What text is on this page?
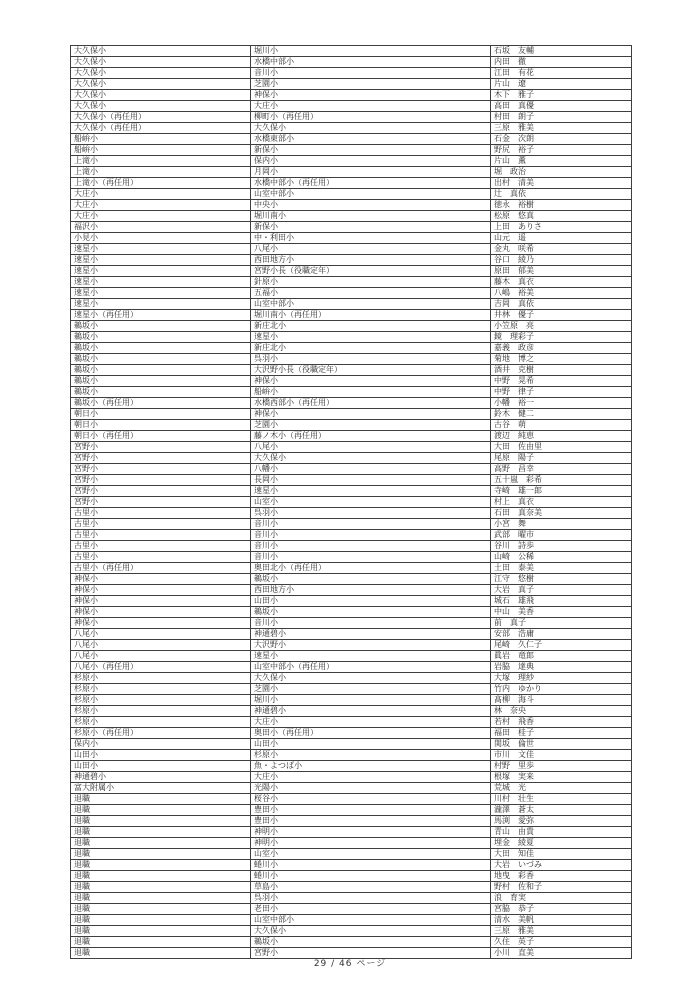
大久保小	堀川小	石坂　友輔
大久保小	水橋中部小	内田　徹
大久保小	音川小	江田　有花
大久保小	芝園小	片山　遼
大久保小	神保小	木下　雅子
大久保小	大庄小	高田　真優
大久保小（再任用）	柳町小（再任用）	村田　朗子
大久保小（再任用）	大久保小	三原　雅美
船峅小	水橋東部小	石金　次朗
船峅小	新保小	野尻　裕子
上滝小	保内小	片山　薫
上滝小	月岡小	堀　政治
上滝小（再任用）	水橋中部小（再任用）	出村　清美
大庄小	山室中部小	辻　真依
大庄小	中央小	徳永　裕樹
大庄小	堀川南小	松原　悠真
福沢小	新保小	上田　ありさ
小見小	中・利田小	山元　遥
速星小	八尾小	金丸　咲希
速星小	西田地方小	谷口　綾乃
速星小	宮野小長（役職定年）	原田　郁美
速星小	針原小	藤木　真衣
速星小	五福小	八嶋　裕美
速星小	山室中部小	吉岡　真依
速星小（再任用）	堀川南小（再任用）	井林　優子
鵜坂小	新庄北小	小笠原　亮
鵜坂小	速星小	鏡　理彩子
鵜坂小	新庄北小	嘉義　政彦
鵜坂小	呉羽小	菊地　博之
鵜坂小	大沢野小長（役職定年）	酒井　克樹
鵜坂小	神保小	中野　晃希
鵜坂小	船峅小	中野　律子
鵜坂小（再任用）	水橋西部小（再任用）	小幡　裕一
朝日小	神保小	鈴木　健二
朝日小	芝園小	古谷　萌
朝日小（再任用）	藤ノ木小（再任用）	渡辺　純恵
宮野小	八尾小	大田　佐由里
宮野小	大久保小	尾原　陽子
宮野小	八幡小	高野　昌幸
宮野小	長岡小	五十嵐　彩希
宮野小	速星小	寺崎　雄一郎
宮野小	山室小	村上　真衣
古里小	呉羽小	石田　真奈美
古里小	音川小	小宮　舞
古里小	音川小	武部　曜市
古里小	音川小	谷川　詩歩
古里小	音川小	山崎　公稀
古里小（再任用）	奥田北小（再任用）	土田　泰美
神保小	鵜坂小	江守　悠樹
神保小	西田地方小	大岩　真子
神保小	山田小	城石　雄飛
神保小	鵜坂小	中山　美香
神保小	音川小	前　真子
八尾小	神通碧小	安部　浩庸
八尾小	大沢野小	尾崎　久仁子
八尾小	速星小	眞岩　竜郎
八尾小（再任用）	山室中部小（再任用）	岩脇　達典
杉原小	大久保小	大塚　理紗
杉原小	芝園小	竹内　ゆかり
杉原小	堀川小	髙柳　海斗
杉原小	神通碧小	林　奈央
杉原小	大庄小	若村　飛香
杉原小（再任用）	奥田小（再任用）	福田　桂子
保内小	山田小	関坂　倫世
山田小	杉原小	市川　文佳
山田小	魚・よつば小	村野　里歩
神通碧小	大庄小	根塚　実来
富大附属小	光陽小	荒城　光
退職	桜谷小	川村　壮生
退職	豊田小	瀧澤　蒼太
退職	豊田小	馬渕　愛弥
退職	神明小	青山　由貴
退職	神明小	埋金　綾夏
退職	山室小	大田　知佳
退職	蜷川小	大岩　いづみ
退職	蜷川小	地曳　彩香
退職	草島小	野村　佐和子
退職	呉羽小	浪　育実
退職	老田小	宮脇　恭子
退職	山室中部小	清水　美帆
退職	大久保小	三原　雅美
退職	鵜坂小	久住　英子
退職	宮野小	小川　直美
29 / 46 ページ
